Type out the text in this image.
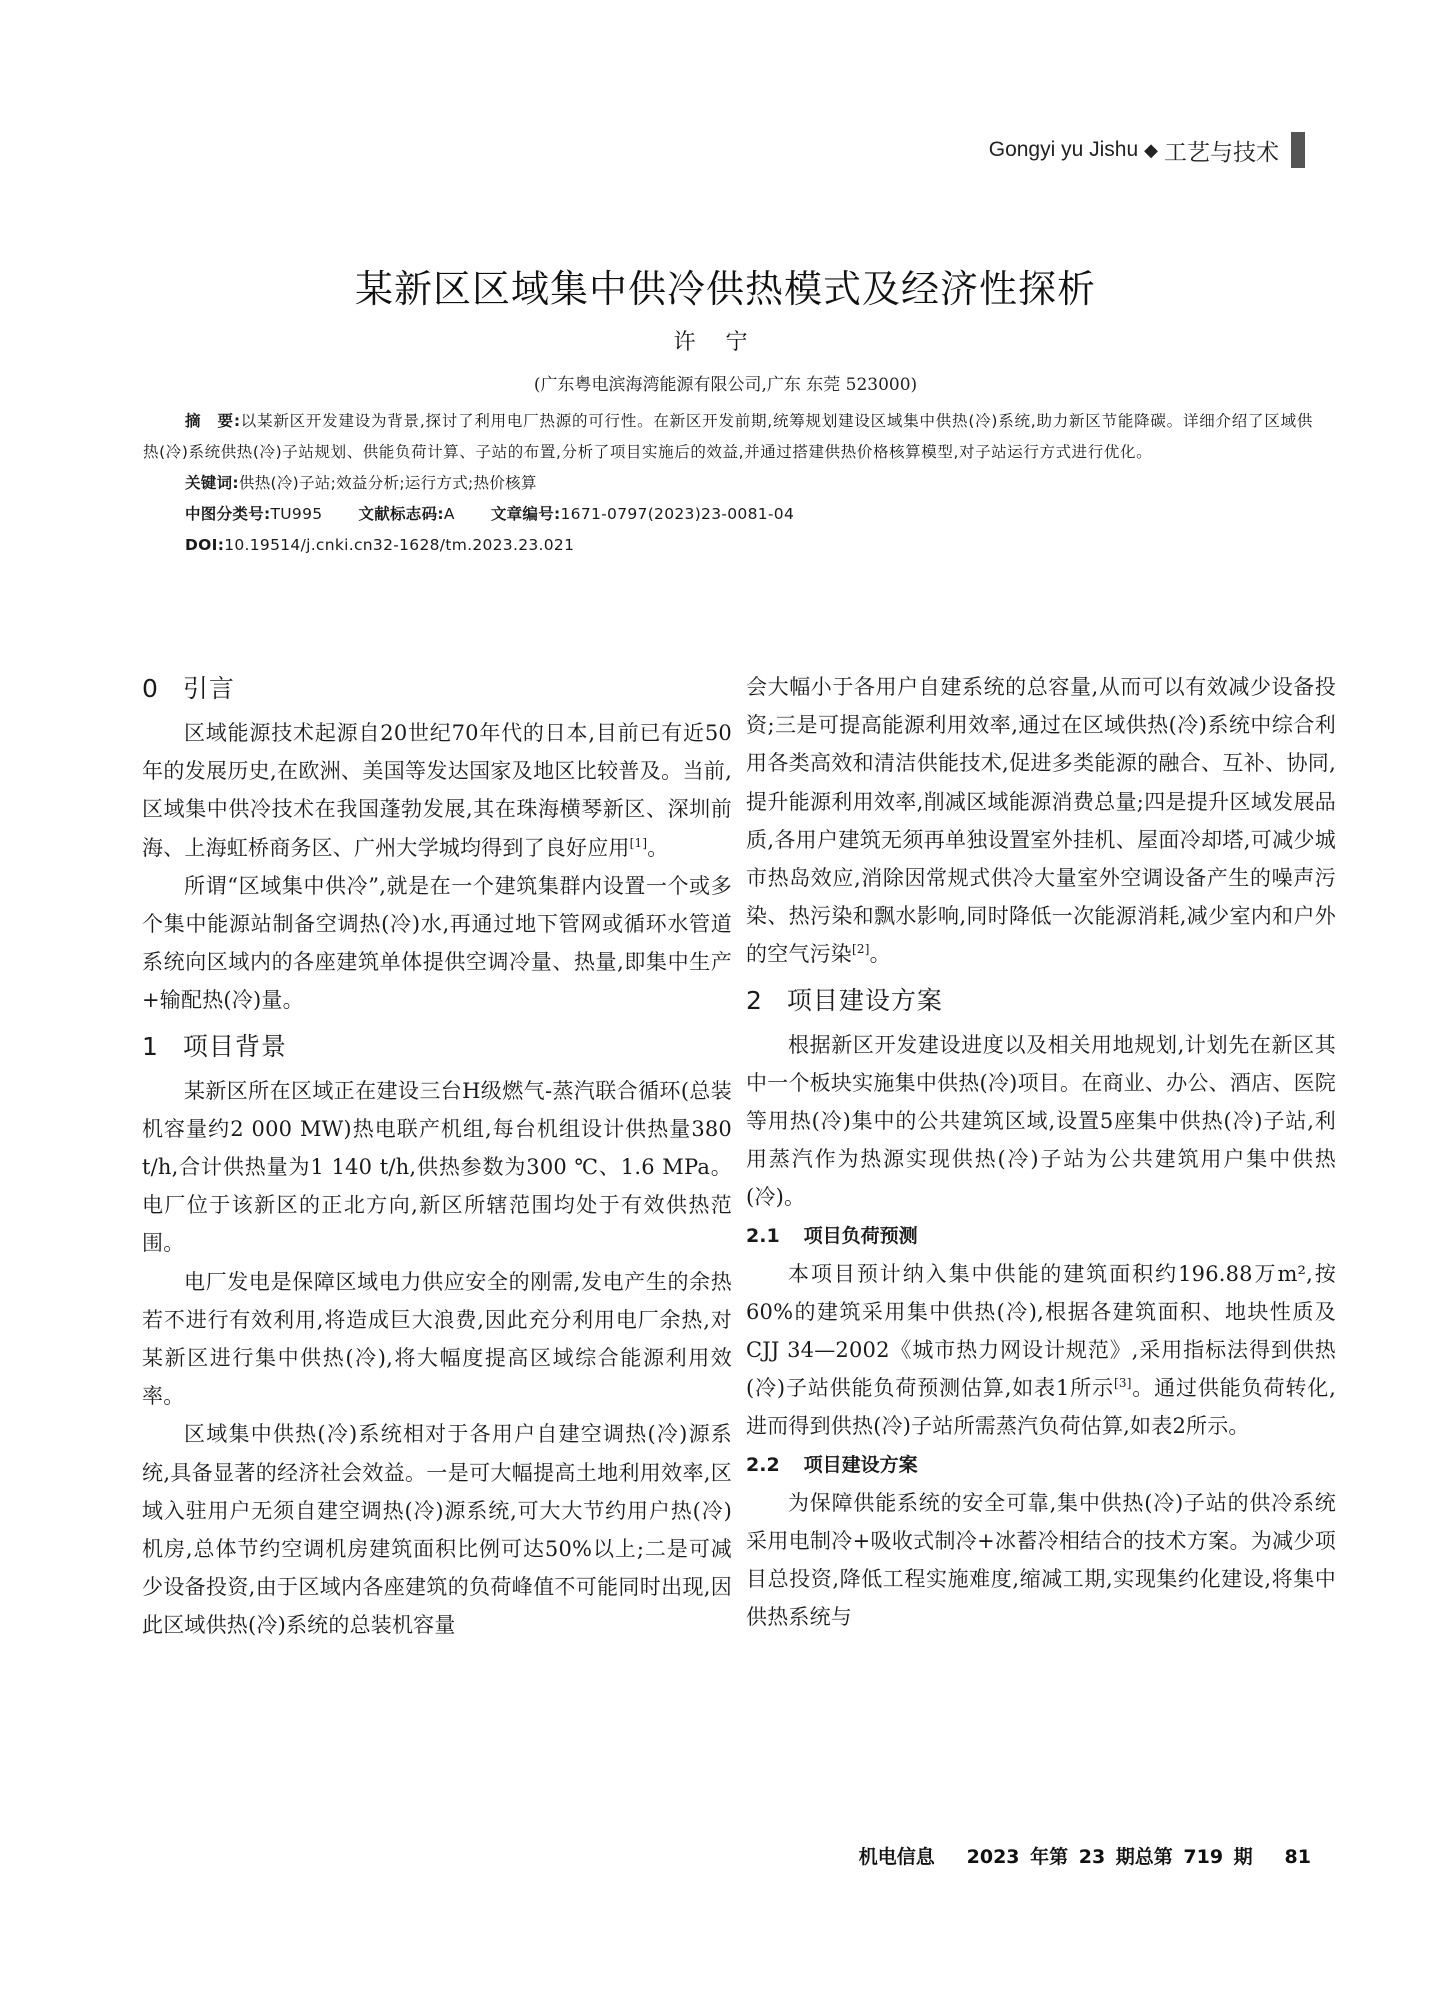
Gongyi yu Jishu ◆ 工艺与技术
某新区区域集中供冷供热模式及经济性探析
许宁
(广东粤电滨海湾能源有限公司,广东 东莞 523000)

摘　要:以某新区开发建设为背景,探讨了利用电厂热源的可行性。在新区开发前期,统筹规划建设区域集中供热(冷)系统,助力新区节能降碳。详细介绍了区域供热(冷)系统供热(冷)子站规划、供能负荷计算、子站的布置,分析了项目实施后的效益,并通过搭建供热价格核算模型,对子站运行方式进行优化。

关键词:供热(冷)子站;效益分析;运行方式;热价核算

中图分类号:TU995 文献标志码:A 文章编号:1671-0797(2023)23-0081-04

DOI:10.19514/j.cnki.cn32-1628/tm.2023.23.021

0 引言

区域能源技术起源自20世纪70年代的日本,目前已有近50年的发展历史,在欧洲、美国等发达国家及地区比较普及。当前,区域集中供冷技术在我国蓬勃发展,其在珠海横琴新区、深圳前海、上海虹桥商务区、广州大学城均得到了良好应用[1]。

所谓“区域集中供冷”,就是在一个建筑集群内设置一个或多个集中能源站制备空调热(冷)水,再通过地下管网或循环水管道系统向区域内的各座建筑单体提供空调冷量、热量,即集中生产+输配热(冷)量。

1 项目背景

某新区所在区域正在建设三台H级燃气-蒸汽联合循环(总装机容量约2 000 MW)热电联产机组,每台机组设计供热量380 t/h,合计供热量为1 140 t/h,供热参数为300 ℃、1.6 MPa。电厂位于该新区的正北方向,新区所辖范围均处于有效供热范围。

电厂发电是保障区域电力供应安全的刚需,发电产生的余热若不进行有效利用,将造成巨大浪费,因此充分利用电厂余热,对某新区进行集中供热(冷),将大幅度提高区域综合能源利用效率。

区域集中供热(冷)系统相对于各用户自建空调热(冷)源系统,具备显著的经济社会效益。一是可大幅提高土地利用效率,区域入驻用户无须自建空调热(冷)源系统,可大大节约用户热(冷)机房,总体节约空调机房建筑面积比例可达50%以上;二是可减少设备投资,由于区域内各座建筑的负荷峰值不可能同时出现,因此区域供热(冷)系统的总装机容量

会大幅小于各用户自建系统的总容量,从而可以有效减少设备投资;三是可提高能源利用效率,通过在区域供热(冷)系统中综合利用各类高效和清洁供能技术,促进多类能源的融合、互补、协同,提升能源利用效率,削减区域能源消费总量;四是提升区域发展品质,各用户建筑无须再单独设置室外挂机、屋面冷却塔,可减少城市热岛效应,消除因常规式供冷大量室外空调设备产生的噪声污染、热污染和飘水影响,同时降低一次能源消耗,减少室内和户外的空气污染[2]。

2 项目建设方案

根据新区开发建设进度以及相关用地规划,计划先在新区其中一个板块实施集中供热(冷)项目。在商业、办公、酒店、医院等用热(冷)集中的公共建筑区域,设置5座集中供热(冷)子站,利用蒸汽作为热源实现供热(冷)子站为公共建筑用户集中供热(冷)。

2.1 项目负荷预测

本项目预计纳入集中供能的建筑面积约196.88万m²,按60%的建筑采用集中供热(冷),根据各建筑面积、地块性质及CJJ 34—2002《城市热力网设计规范》,采用指标法得到供热(冷)子站供能负荷预测估算,如表1所示[3]。通过供能负荷转化,进而得到供热(冷)子站所需蒸汽负荷估算,如表2所示。

2.2 项目建设方案

为保障供能系统的安全可靠,集中供热(冷)子站的供冷系统采用电制冷+吸收式制冷+冰蓄冷相结合的技术方案。为减少项目总投资,降低工程实施难度,缩减工期,实现集约化建设,将集中供热系统与

机电信息 2023 年第 23 期总第 719 期 81
